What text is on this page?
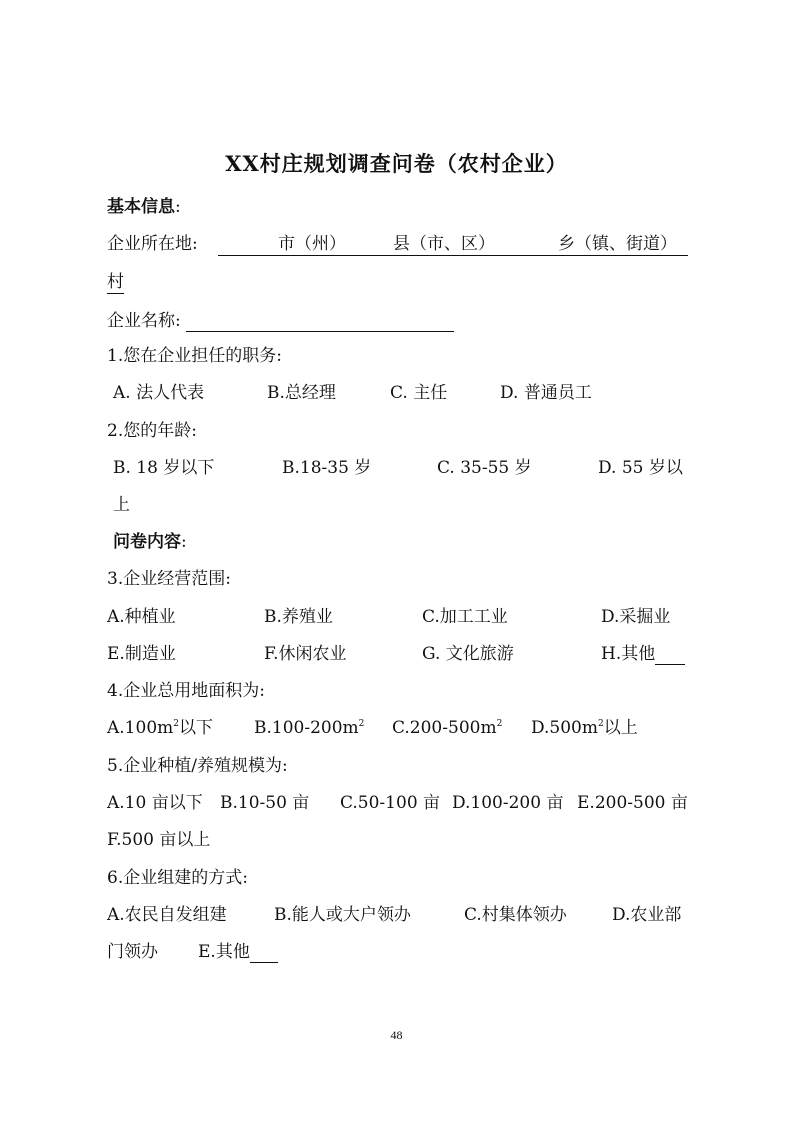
XX村庄规划调查问卷（农村企业）
基本信息:
企业所在地:	市（州）	县（市、区）	乡（镇、街道）
村
企业名称:
1.您在企业担任的职务:
A. 法人代表	B.总经理	C. 主任	D. 普通员工
2.您的年龄:
B. 18 岁以下	B.18-35 岁	C. 35-55 岁	D. 55 岁以
上
问卷内容:
3.企业经营范围:
A.种植业	B.养殖业	C.加工工业	D.采掘业
E.制造业	F.休闲农业	G. 文化旅游	H.其他
4.企业总用地面积为:
$A.100m^2$以下 $B.100-200m^2$ $C.200-500m^2$ $D.500m^2$以上
5.企业种植/养殖规模为:
A.10 亩以下 B.10-50 亩 C.50-100 亩 D.100-200 亩 E.200-500 亩
F.500 亩以上
6.企业组建的方式:
A.农民自发组建	B.能人或大户领办	C.村集体领办	D.农业部
门领办 E.其他
48
